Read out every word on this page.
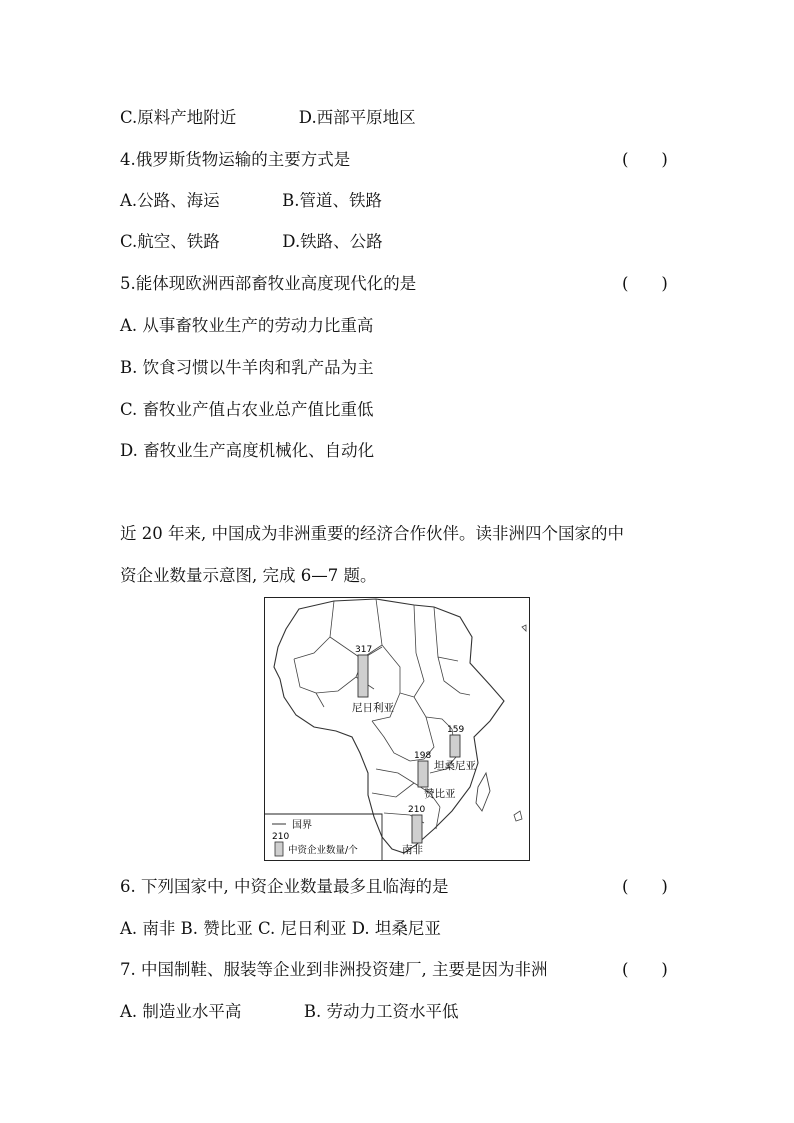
C.原料产地附近	D.西部平原地区
4.俄罗斯货物运输的主要方式是	(　　)
A.公路、海运	B.管道、铁路
C.航空、铁路	D.铁路、公路
5.能体现欧洲西部畜牧业高度现代化的是	(　　)
A. 从事畜牧业生产的劳动力比重高
B. 饮食习惯以牛羊肉和乳产品为主
C. 畜牧业产值占农业总产值比重低
D. 畜牧业生产高度机械化、自动化
近 20 年来, 中国成为非洲重要的经济合作伙伴。读非洲四个国家的中
资企业数量示意图, 完成 6—7 题。
317
尼日利亚
159
坦桑尼亚
198
赞比亚
210
南非
国界
210
中资企业数量/个
6. 下列国家中, 中资企业数量最多且临海的是	(　　)
A. 南非 B. 赞比亚 C. 尼日利亚 D. 坦桑尼亚
7. 中国制鞋、服装等企业到非洲投资建厂, 主要是因为非洲	(　　)
A. 制造业水平高	B. 劳动力工资水平低
